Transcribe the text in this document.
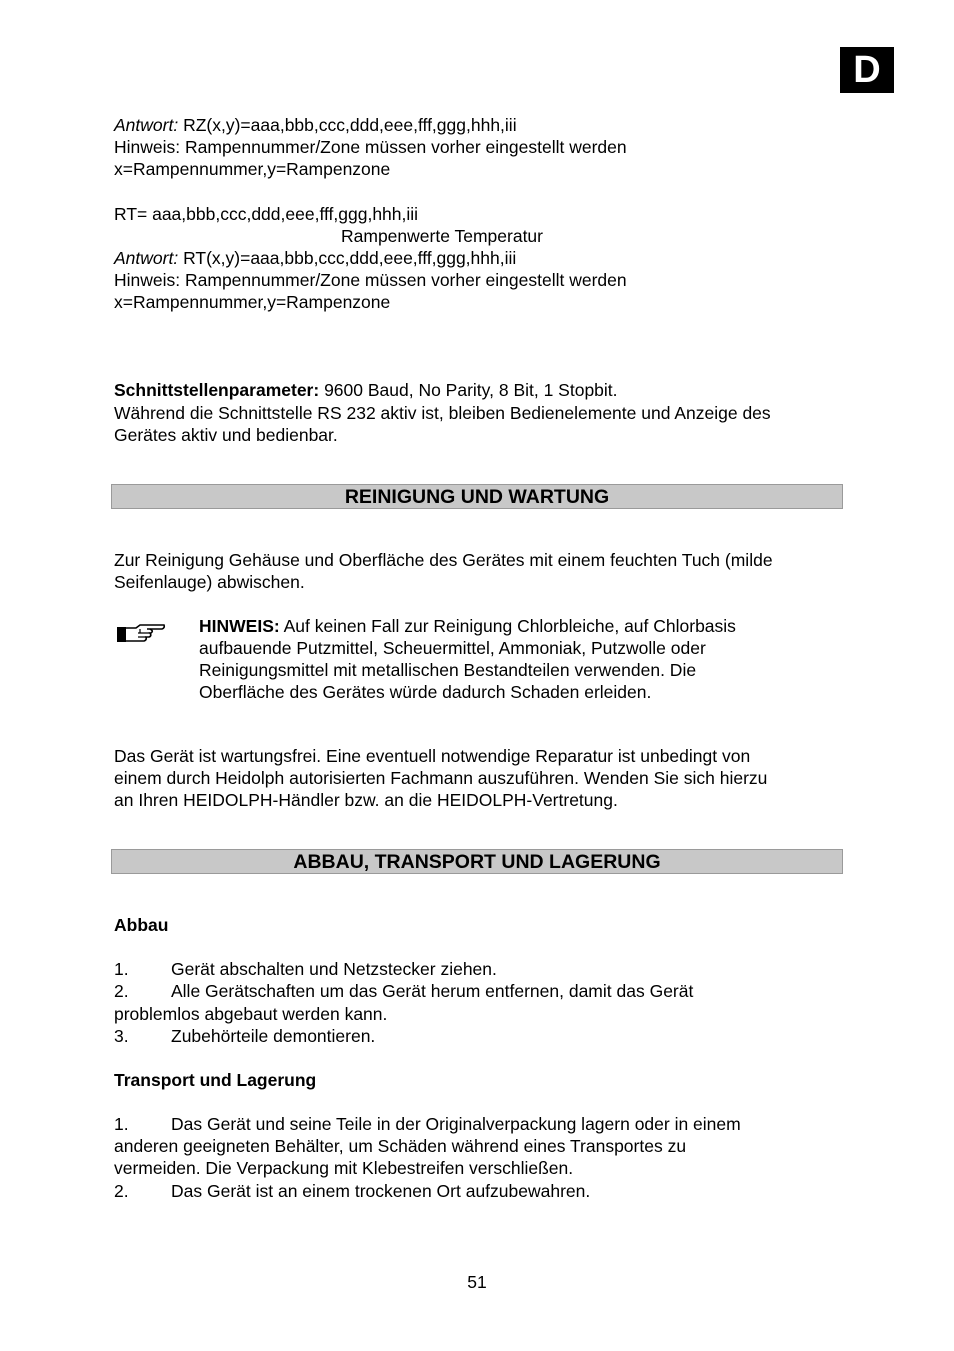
D
Antwort: RZ(x,y)=aaa,bbb,ccc,ddd,eee,fff,ggg,hhh,iii
Hinweis: Rampennummer/Zone müssen vorher eingestellt werden
x=Rampennummer,y=Rampenzone
RT= aaa,bbb,ccc,ddd,eee,fff,ggg,hhh,iii
Rampenwerte Temperatur
Antwort: RT(x,y)=aaa,bbb,ccc,ddd,eee,fff,ggg,hhh,iii
Hinweis: Rampennummer/Zone müssen vorher eingestellt werden
x=Rampennummer,y=Rampenzone
Schnittstellenparameter: 9600 Baud, No Parity, 8 Bit, 1 Stopbit.
Während die Schnittstelle RS 232 aktiv ist, bleiben Bedienelemente und Anzeige des
Gerätes aktiv und bedienbar.
REINIGUNG UND WARTUNG
Zur Reinigung Gehäuse und Oberfläche des Gerätes mit einem feuchten Tuch (milde
Seifenlauge) abwischen.
HINWEIS: Auf keinen Fall zur Reinigung Chlorbleiche, auf Chlorbasis
aufbauende Putzmittel, Scheuermittel, Ammoniak, Putzwolle oder
Reinigungsmittel mit metallischen Bestandteilen verwenden. Die
Oberfläche des Gerätes würde dadurch Schaden erleiden.
Das Gerät ist wartungsfrei. Eine eventuell notwendige Reparatur ist unbedingt von
einem durch Heidolph autorisierten Fachmann auszuführen. Wenden Sie sich hierzu
an Ihren HEIDOLPH-Händler bzw. an die HEIDOLPH-Vertretung.
ABBAU, TRANSPORT UND LAGERUNG
Abbau
1. Gerät abschalten und Netzstecker ziehen.
2. Alle Gerätschaften um das Gerät herum entfernen, damit das Gerät
problemlos abgebaut werden kann.
3. Zubehörteile demontieren.
Transport und Lagerung
1. Das Gerät und seine Teile in der Originalverpackung lagern oder in einem
anderen geeigneten Behälter, um Schäden während eines Transportes zu
vermeiden. Die Verpackung mit Klebestreifen verschließen.
2. Das Gerät ist an einem trockenen Ort aufzubewahren.
51
